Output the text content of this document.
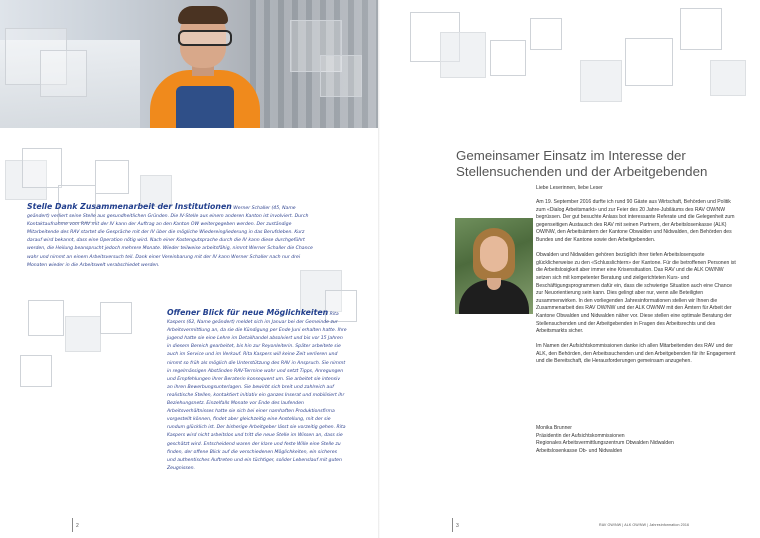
Stelle Dank Zusammenarbeit der Institutionen Werner Schaller (45, Name geändert) verliert seine Stelle aus gesundheitlichen Gründen. Die IV-Stelle aus einem anderen Kanton ist involviert. Durch Kontaktaufnahme vom RAV mit der IV kann der Auftrag an den Kanton OW weitergegeben werden. Der zuständige Mitarbeitende des RAV startet die Gespräche mit der IV über die mögliche Wiedereingliederung in das Berufsleben. Kurz darauf wird bekannt, dass eine Operation nötig wird. Nach einer Kostengutsprache durch die IV kann diese durchgeführt werden, die Heilung beansprucht jedoch mehrere Monate. Wieder teilweise arbeitsfähig, nimmt Werner Schaller die Chance wahr und nimmt an einem Arbeitsversuch teil. Dank einer Vereinbarung mit der IV kann Werner Schaller nach nur drei Monaten wieder in die Arbeitswelt verabschiedet werden.
Offener Blick für neue Möglichkeiten Rita Kaspers (62, Name geändert) meldet sich im Januar bei der Gemeinde zur Arbeitsvermittlung an, da sie die Kündigung per Ende Juni erhalten hatte. Ihre jugend hatte sie eine Lehre im Detailhandel absolviert und bis vor 15 Jahren in diesem Bereich gearbeitet, bis hin zur Reyonleiterin. Später arbeitete sie auch im Service und im Verkauf. Rita Kaspers will keine Zeit verlieren und nimmt so früh als möglich die Unterstützung des RAV in Anspruch. Sie nimmt in regelmässigen Abständen RAV-Termine wahr und setzt Tipps, Anregungen und Empfehlungen ihrer Beraterin konsequent um. Sie arbeitet sie intensiv an ihren Bewerbungsunterlagen. Sie bewirbt sich breit und zahlreich auf realistische Stellen, kontaktiert initiativ ein ganzes Inserat und mobilisiert ihr Beziehungsnetz. Einzelfalls Monate vor Ende des laufenden Arbeitsverhältnisses hatte sie sich bei einer namhaften Produktionsfirma vorgestellt können, findet aber gleichzeitig eine Anstellung, mit der sie rundum glücklich ist. Der bisherige Arbeitgeber lässt sie vorzeitig gehen. Rita Kaspers wird nicht arbeitslos und tritt die neue Stelle im Wissen an, dass sie geschätzt wird. Entscheidend waren der klare und feste Wille eine Stelle zu finden, der offene Blick auf die verschiedenen Möglichkeiten, ein sicheres und authentisches Auftreten und ein tüchtiger, solider Lebenslauf mit guten Zeugnissen.
2
Gemeinsamer Einsatz im Interesse der Stellensuchenden und der Arbeitgebenden
Liebe Leserinnen, liebe Leser

Am 19. September 2016 durfte ich rund 90 Gäste aus Wirtschaft, Behörden und Politik zum «Dialog Arbeitsmarkt» und zur Feier des 20 Jahre-Jubiläums des RAV OW/NW begrüssen. Der gut besuchte Anlass bot interessante Referate und die Gelegenheit zum gegenseitigen Austausch des RAV mit seinen Partnern, der Arbeitslosenkasse (ALK) OW/NW, den Arbeitsämtern der Kantone Obwalden und Nidwalden, den Behörden des Bundes und der Kantone sowie den Arbeitgebenden.

Obwalden und Nidwalden gehören bezüglich ihrer tiefen Arbeitslosenquote glücklicherweise zu den «Schlusslichtern» der Kantone. Für die betroffenen Personen ist die Arbeitslosigkeit aber immer eine Krisensituation. Das RAV und die ALK OW/NW setzen sich mit kompetenter Beratung und zielgerichteten Kurs- und Beschäftigungsprogrammen dafür ein, dass die schwierige Situation auch eine Chance zur Neuorientierung sein kann. Dies gelingt aber nur, wenn alle Beteiligten zusammenwirken. In den vorliegenden Jahresinformationen stellen wir Ihnen die Zusammenarbeit des RAV OW/NW und der ALK OW/NW mit den Ämtern für Arbeit der Kantone Obwalden und Nidwalden näher vor. Diese stellen eine optimale Beratung der Stellensuchenden und der Arbeitgebenden in Fragen des Arbeitsrechts und des Arbeitsmarkts sicher.

Im Namen der Aufsichtskommissionen danke ich allen Mitarbeitenden des RAV und der ALK, den Behörden, den Arbeitssuchenden und den Arbeitgebenden für ihr Engagement und die Bereitschaft, die Herausforderungen gemeinsam anzugehen.

Monika Brunner
Präsidentin der Aufsichtskommissionen
Regionales Arbeitsvermittlungszentrum Obwalden Nidwalden
Arbeitslosenkasse Ob- und Nidwalden
3	RAV OW/NW | ALK OW/NW | Jahresinformation 2016
